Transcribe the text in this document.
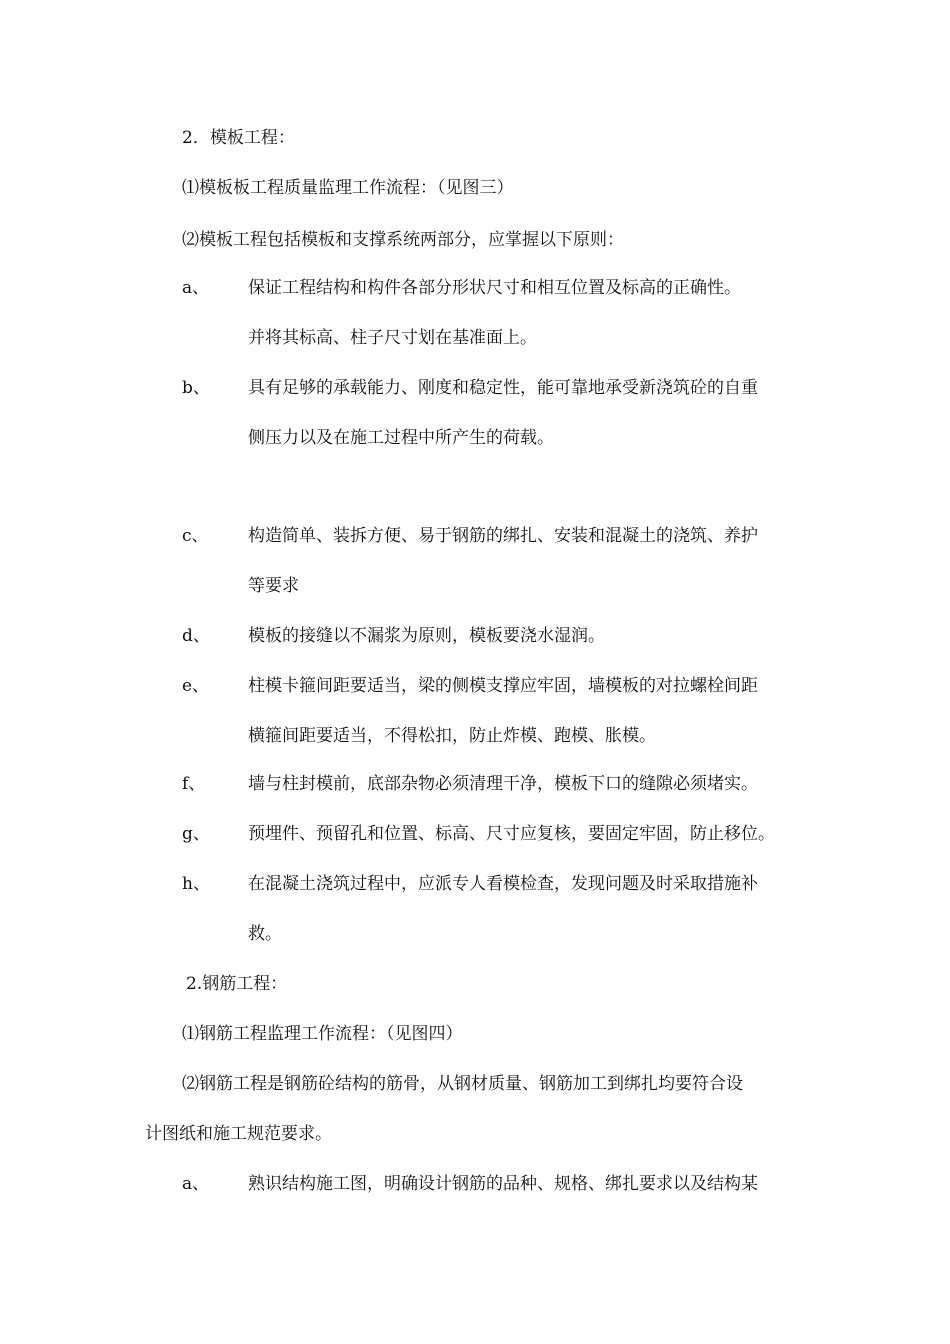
2．模板工程：
⑴模板板工程质量监理工作流程：（见图三）
⑵模板工程包括模板和支撑系统两部分，应掌握以下原则：
a、 保证工程结构和构件各部分形状尺寸和相互位置及标高的正确性。
并将其标高、柱子尺寸划在基准面上。
b、 具有足够的承载能力、刚度和稳定性，能可靠地承受新浇筑砼的自重
侧压力以及在施工过程中所产生的荷载。
c、 构造简单、装拆方便、易于钢筋的绑扎、安装和混凝土的浇筑、养护
等要求
d、 模板的接缝以不漏浆为原则，模板要浇水湿润。
e、 柱模卡箍间距要适当，梁的侧模支撑应牢固，墙模板的对拉螺栓间距
横箍间距要适当，不得松扣，防止炸模、跑模、胀模。
f、	墙与柱封模前，底部杂物必须清理干净，模板下口的缝隙必须堵实。
g、 预埋件、预留孔和位置、标高、尺寸应复核，要固定牢固，防止移位。
h、 在混凝土浇筑过程中，应派专人看模检查，发现问题及时采取措施补
救。
2.钢筋工程：
⑴钢筋工程监理工作流程：（见图四）
⑵钢筋工程是钢筋砼结构的筋骨，从钢材质量、钢筋加工到绑扎均要符合设
计图纸和施工规范要求。
a、 熟识结构施工图，明确设计钢筋的品种、规格、绑扎要求以及结构某
